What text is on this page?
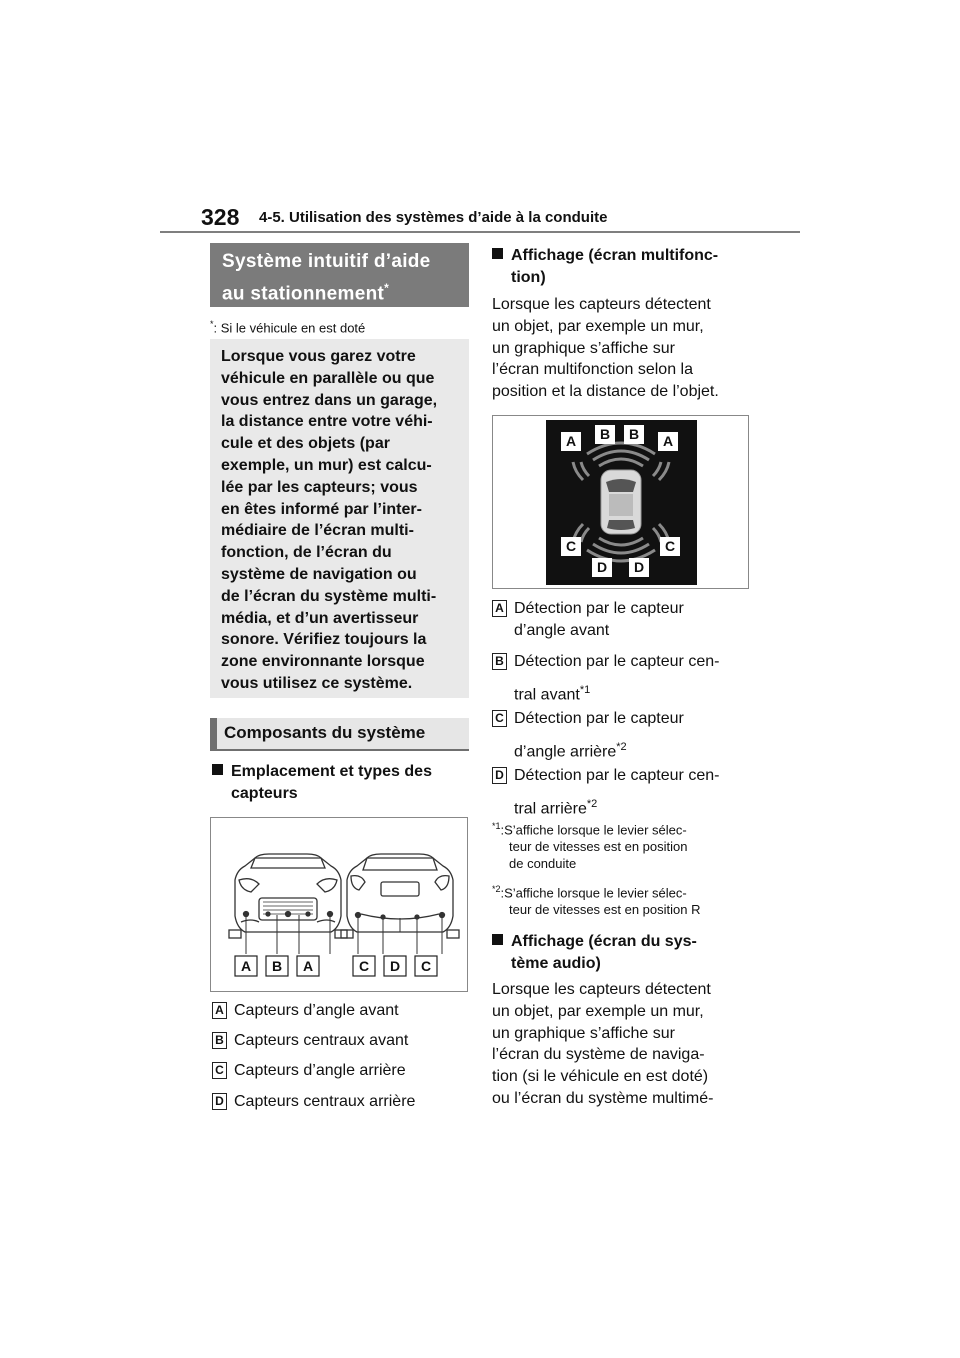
328 4-5. Utilisation des systèmes d’aide à la conduite
Système intuitif d’aide
au stationnement*
*: Si le véhicule en est doté
Lorsque vous garez votre
véhicule en parallèle ou que
vous entrez dans un garage,
la distance entre votre véhi-
cule et des objets (par
exemple, un mur) est calcu-
lée par les capteurs; vous
en êtes informé par l’inter-
médiaire de l’écran multi-
fonction, de l’écran du
système de navigation ou
de l’écran du système multi-
média, et d’un avertisseur
sonore. Vérifiez toujours la
zone environnante lorsque
vous utilisez ce système.
Composants du système
Emplacement et types des
capteurs
A B A	C D C
A Capteurs d’angle avant
B Capteurs centraux avant
C Capteurs d’angle arrière
D Capteurs centraux arrière
Affichage (écran multifonc-
tion)
Lorsque les capteurs détectent
un objet, par exemple un mur,
un graphique s’affiche sur
l’écran multifonction selon la
position et la distance de l’objet.
A B B A
C	C
D D
A Détection par le capteur
d’angle avant
B Détection par le capteur cen-
tral avant$^{*1}$
C Détection par le capteur
d’angle arrière$^{*2}$
D Détection par le capteur cen-
tral arrière$^{*2}$
$^{*1}$:S’affiche lorsque le levier sélec-
teur de vitesses est en position
de conduite
$^{*2}$:S’affiche lorsque le levier sélec-
teur de vitesses est en position R
Affichage (écran du sys-
tème audio)
Lorsque les capteurs détectent
un objet, par exemple un mur,
un graphique s’affiche sur
l’écran du système de naviga-
tion (si le véhicule en est doté)
ou l’écran du système multimé-
